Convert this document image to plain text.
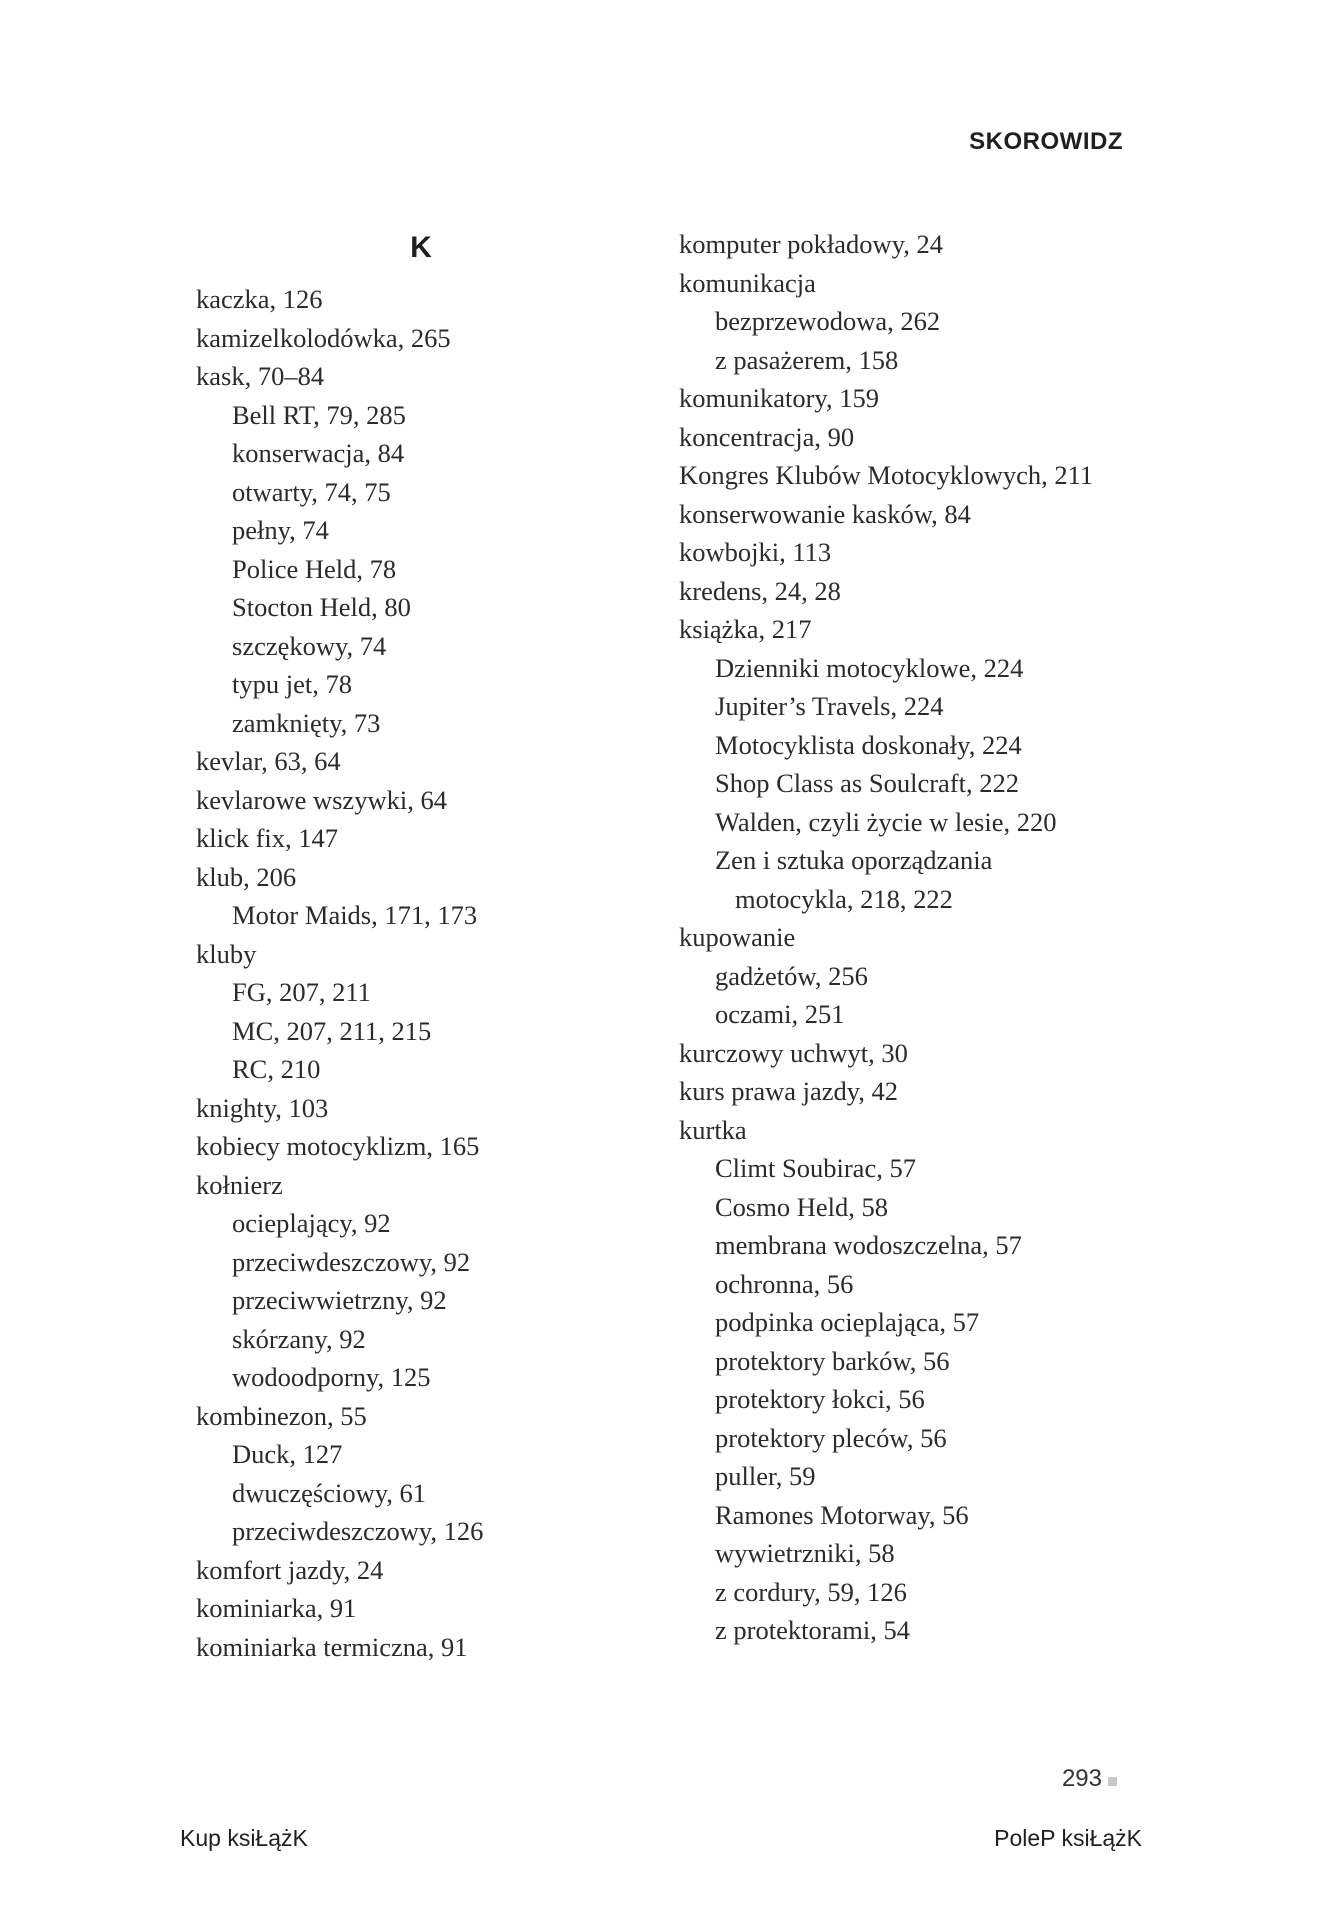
SKOROWIDZ
K
kaczka, 126
kamizelkolodówka, 265
kask, 70–84
Bell RT, 79, 285
konserwacja, 84
otwarty, 74, 75
pełny, 74
Police Held, 78
Stocton Held, 80
szczękowy, 74
typu jet, 78
zamknięty, 73
kevlar, 63, 64
kevlarowe wszywki, 64
klick fix, 147
klub, 206
Motor Maids, 171, 173
kluby
FG, 207, 211
MC, 207, 211, 215
RC, 210
knighty, 103
kobiecy motocyklizm, 165
kołnierz
ocieplający, 92
przeciwdeszczowy, 92
przeciwwietrzny, 92
skórzany, 92
wodoodporny, 125
kombinezon, 55
Duck, 127
dwuczęściowy, 61
przeciwdeszczowy, 126
komfort jazdy, 24
kominiarka, 91
kominiarka termiczna, 91
komputer pokładowy, 24
komunikacja
bezprzewodowa, 262
z pasażerem, 158
komunikatory, 159
koncentracja, 90
Kongres Klubów Motocyklowych, 211
konserwowanie kasków, 84
kowbojki, 113
kredens, 24, 28
książka, 217
Dzienniki motocyklowe, 224
Jupiter’s Travels, 224
Motocyklista doskonały, 224
Shop Class as Soulcraft, 222
Walden, czyli życie w lesie, 220
Zen i sztuka oporządzania
motocykla, 218, 222
kupowanie
gadżetów, 256
oczami, 251
kurczowy uchwyt, 30
kurs prawa jazdy, 42
kurtka
Climt Soubirac, 57
Cosmo Held, 58
membrana wodoszczelna, 57
ochronna, 56
podpinka ocieplająca, 57
protektory barków, 56
protektory łokci, 56
protektory pleców, 56
puller, 59
Ramones Motorway, 56
wywietrzniki, 58
z cordury, 59, 126
z protektorami, 54
293
Kup ksiŁążK	PoleP ksiŁążK
